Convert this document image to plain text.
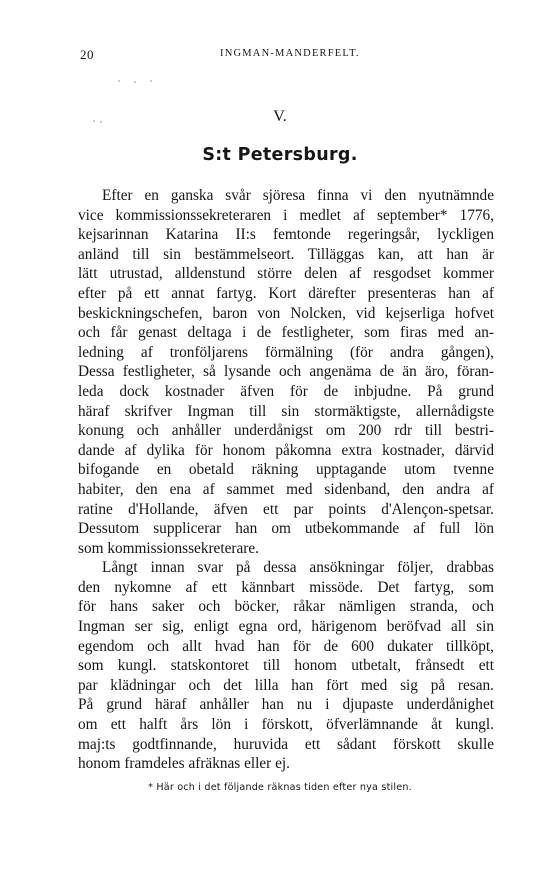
20	INGMAN-MANDERFELT.
V.
S:t Petersburg.
Efter en ganska svår sjöresa finna vi den nyutnämnde
vice kommissionssekreteraren i medlet af september* 1776,
kejsarinnan Katarina II:s femtonde regeringsår, lyckligen
anländ till sin bestämmelseort. Tilläggas kan, att han är
lätt utrustad, alldenstund större delen af resgodset kommer
efter på ett annat fartyg. Kort därefter presenteras han af
beskickningschefen, baron von Nolcken, vid kejserliga hofvet
och får genast deltaga i de festligheter, som firas med an-
ledning af tronföljarens förmälning (för andra gången),
Dessa festligheter, så lysande och angenäma de än äro, föran-
leda dock kostnader äfven för de inbjudne. På grund
häraf skrifver Ingman till sin stormäktigste, allernådigste
konung och anhåller underdånigst om 200 rdr till bestri-
dande af dylika för honom påkomna extra kostnader, därvid
bifogande en obetald räkning upptagande utom tvenne
habiter, den ena af sammet med sidenband, den andra af
ratine d'Hollande, äfven ett par points d'Alençon-spetsar.
Dessutom supplicerar han om utbekommande af full lön
som kommissionssekreterare.
Långt innan svar på dessa ansökningar följer, drabbas
den nykomne af ett kännbart missöde. Det fartyg, som
för hans saker och böcker, råkar nämligen stranda, och
Ingman ser sig, enligt egna ord, härigenom beröfvad all sin
egendom och allt hvad han för de 600 dukater tillköpt,
som kungl. statskontoret till honom utbetalt, frånsedt ett
par klädningar och det lilla han fört med sig på resan.
På grund häraf anhåller han nu i djupaste underdånighet
om ett halft års lön i förskott, öfverlämnande åt kungl.
maj:ts godtfinnande, huruvida ett sådant förskott skulle
honom framdeles afräknas eller ej.
* Här och i det följande räknas tiden efter nya stilen.
